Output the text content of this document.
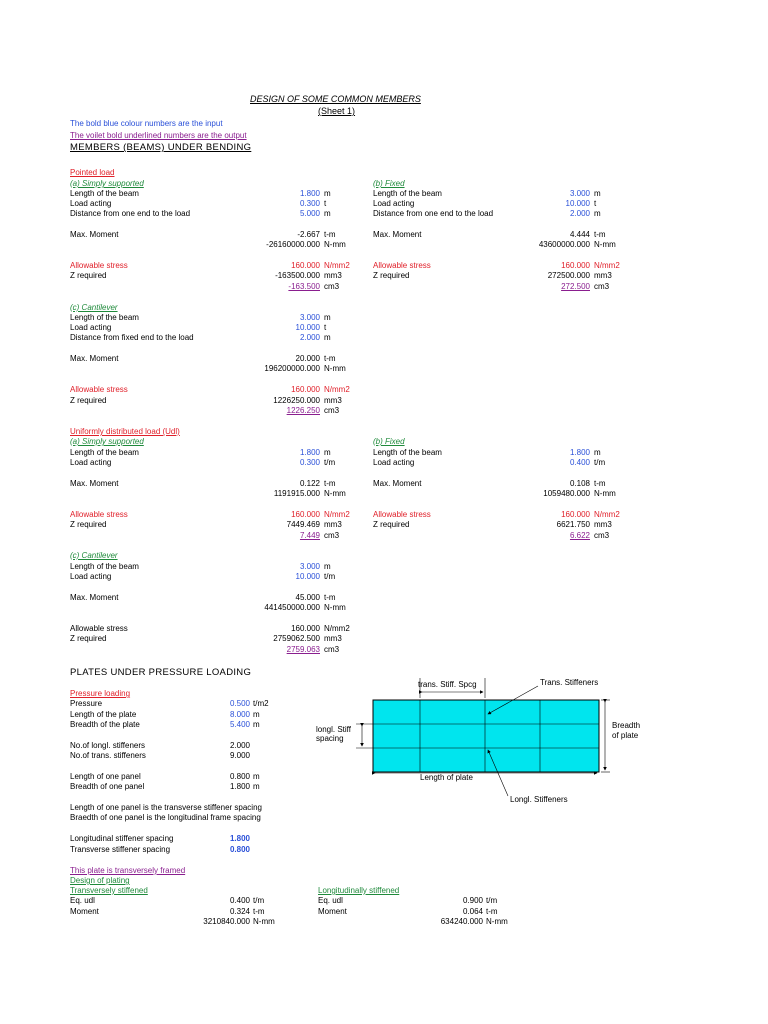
DESIGN OF SOME COMMON MEMBERS
(Sheet 1)
The bold blue colour numbers are the input
The voilet bold underlined numbers are the output
MEMBERS (BEAMS) UNDER BENDING
Pointed load
(a) Simply supported
Length of the beam	1.800 m
Load acting	0.300 t
Distance from one end to the load	5.000 m
Max. Moment	-2.667 t-m
-26160000.000 N-mm
Allowable stress	160.000 N/mm2
Z required	-163500.000 mm3
-163.500 cm3
(b) Fixed
Length of the beam	3.000 m
Load acting	10.000 t
Distance from one end to the load	2.000 m
Max. Moment	4.444 t-m
43600000.000 N-mm
Allowable stress	160.000 N/mm2
Z required	272500.000 mm3
272.500 cm3
(c) Cantilever
Length of the beam	3.000 m
Load acting	10.000 t
Distance from fixed end to the load	2.000 m
Max. Moment	20.000 t-m
196200000.000 N-mm
Allowable stress	160.000 N/mm2
Z required	1226250.000 mm3
1226.250 cm3
Uniformly distributed load (Udl)
(a) Simply supported
Length of the beam	1.800 m
Load acting	0.300 t/m
Max. Moment	0.122 t-m
1191915.000 N-mm
Allowable stress	160.000 N/mm2
Z required	7449.469 mm3
7.449 cm3
(b) Fixed
Length of the beam	1.800 m
Load acting	0.400 t/m
Max. Moment	0.108 t-m
1059480.000 N-mm
Allowable stress	160.000 N/mm2
Z required	6621.750 mm3
6.622 cm3
(c) Cantilever
Length of the beam	3.000 m
Load acting	10.000 t/m
Max. Moment	45.000 t-m
441450000.000 N-mm
Allowable stress	160.000 N/mm2
Z required	2759062.500 mm3
2759.063 cm3
PLATES UNDER PRESSURE LOADING
Pressure loading
Pressure	0.500 t/m2
Length of the plate	8.000 m
Breadth of the plate	5.400 m
No.of longl. stiffeners	2.000
No.of trans. stiffeners	9.000
Length of one panel	0.800 m
Breadth of one panel	1.800 m
Length of one panel is the transverse stiffener spacing
Braedth of one panel is the longitudinal frame spacing
Longitudinal stiffener spacing	1.800
Transverse stiffener spacing	0.800
This plate is transversely framed
Design of plating
Transversely stiffened
Eq. udl	0.400 t/m
Moment	0.324 t-m
3210840.000 N-mm
Longitudinally stiffened
Eq. udl	0.900 t/m
Moment	0.064 t-m
634240.000 N-mm
trans. Stiff. Spcg	Trans. Stiffeners
longl. Stiff
spacing
Breadth
of plate
Length of plate
Longl. Stiffeners
